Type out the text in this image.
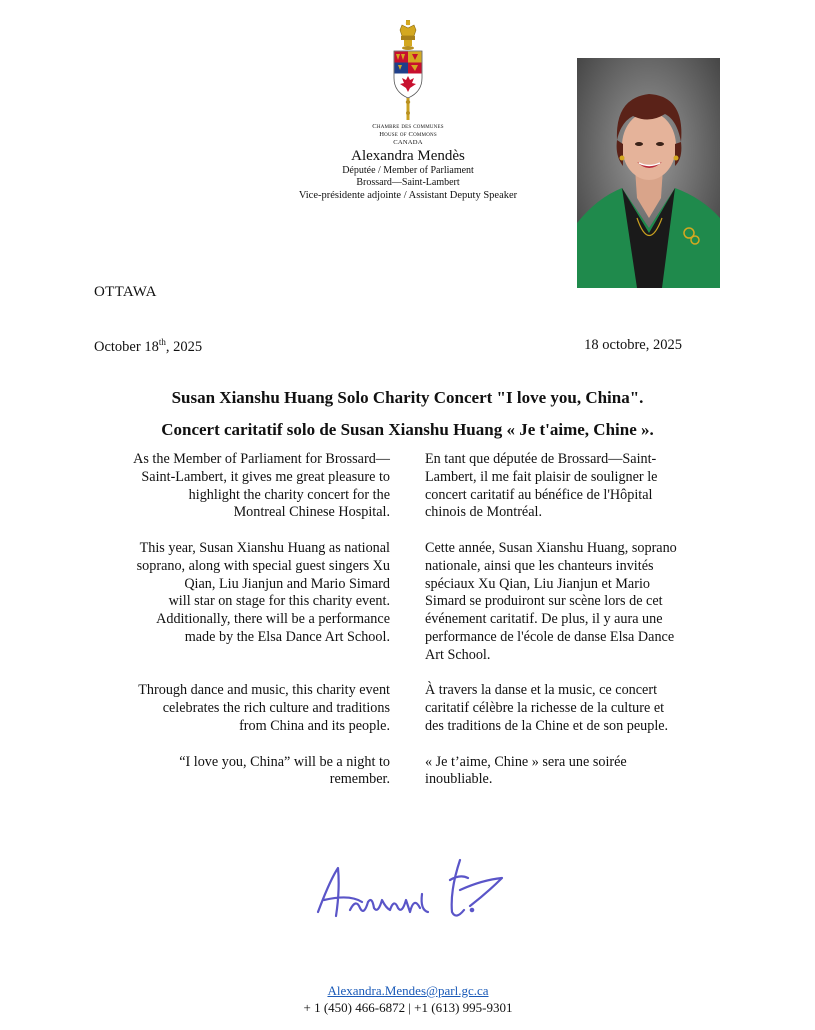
Chambre des communes
House of Commons
CANADA
Alexandra Mendès
Députée / Member of Parliament
Brossard—Saint-Lambert
Vice-présidente adjointe / Assistant Deputy Speaker
OTTAWA
October 18th, 2025	18 octobre, 2025
Susan Xianshu Huang Solo Charity Concert "I love you, China".
Concert caritatif solo de Susan Xianshu Huang « Je t'aime, Chine ».

As the Member of Parliament for Brossard—
Saint-Lambert, it gives me great pleasure to
highlight the charity concert for the
Montreal Chinese Hospital.

This year, Susan Xianshu Huang as national
soprano, along with special guest singers Xu
Qian, Liu Jianjun and Mario Simard
will star on stage for this charity event.
Additionally, there will be a performance
made by the Elsa Dance Art School.

Through dance and music, this charity event
celebrates the rich culture and traditions
from China and its people.

“I love you, China” will be a night to
remember.

En tant que députée de Brossard—Saint-
Lambert, il me fait plaisir de souligner le
concert caritatif au bénéfice de l'Hôpital
chinois de Montréal.

Cette année, Susan Xianshu Huang, soprano
nationale, ainsi que les chanteurs invités
spéciaux Xu Qian, Liu Jianjun et Mario
Simard se produiront sur scène lors de cet
événement caritatif. De plus, il y aura une
performance de l'école de danse Elsa Dance
Art School.

À travers la danse et la music, ce concert
caritatif célèbre la richesse de la culture et
des traditions de la Chine et de son peuple.

« Je t’aime, Chine » sera une soirée
inoubliable.

Alexandra.Mendes@parl.gc.ca
+ 1 (450) 466-6872 | +1 (613) 995-9301
